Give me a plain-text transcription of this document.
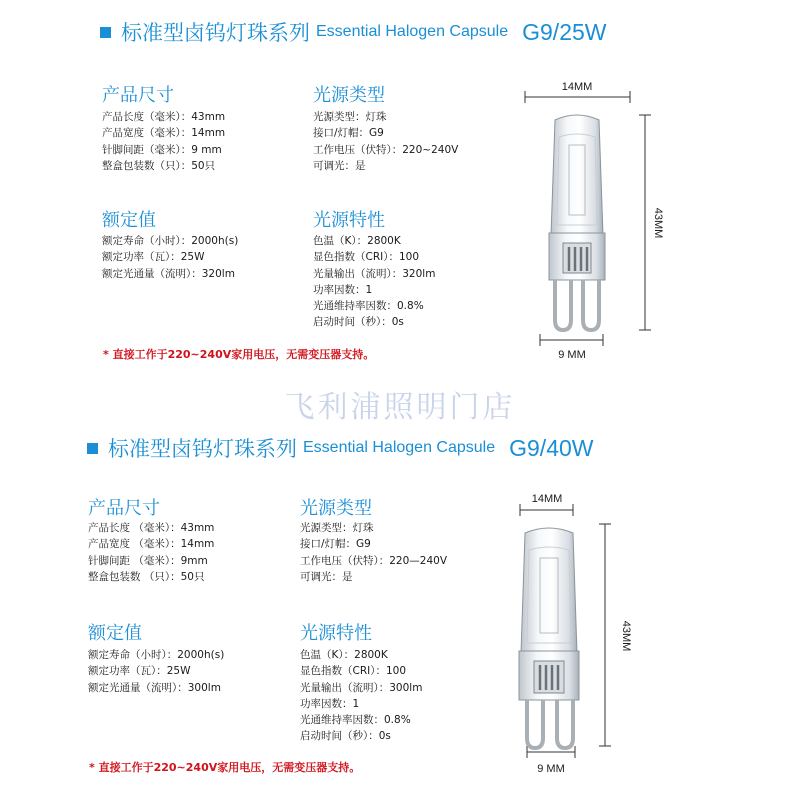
标准型卤钨灯珠系列 Essential Halogen Capsule G9/25W
产品尺寸
产品长度（毫米）：43mm
产品宽度（毫米）：14mm
针脚间距（毫米）：9 mm
整盒包装数（只）：50只
光源类型
光源类型：灯珠
接口/灯帽：G9
工作电压（伏特）：220~240V
可调光：是
额定值
额定寿命（小时）：2000h(s)
额定功率（瓦）：25W
额定光通量（流明）：320lm
光源特性
色温（K）：2800K
显色指数（CRI）：100
光量输出（流明）：320lm
功率因数：1
光通维持率因数：0.8%
启动时间（秒）：0s
* 直接工作于220~240V家用电压，无需变压器支持。
14MM
43MM
9 MM
飞利浦照明门店
标准型卤钨灯珠系列 Essential Halogen Capsule G9/40W
产品尺寸
产品长度 （毫米）：43mm
产品宽度 （毫米）：14mm
针脚间距 （毫米）：9mm
整盒包装数 （只）：50只
光源类型
光源类型：灯珠
接口/灯帽：G9
工作电压（伏特）：220—240V
可调光：是
额定值
额定寿命（小时）：2000h(s)
额定功率（瓦）：25W
额定光通量（流明）：300lm
光源特性
色温（K）：2800K
显色指数（CRI）：100
光量输出（流明）：300lm
功率因数：1
光通维持率因数：0.8%
启动时间（秒）：0s
* 直接工作于220~240V家用电压，无需变压器支持。
14MM
43MM
9 MM
